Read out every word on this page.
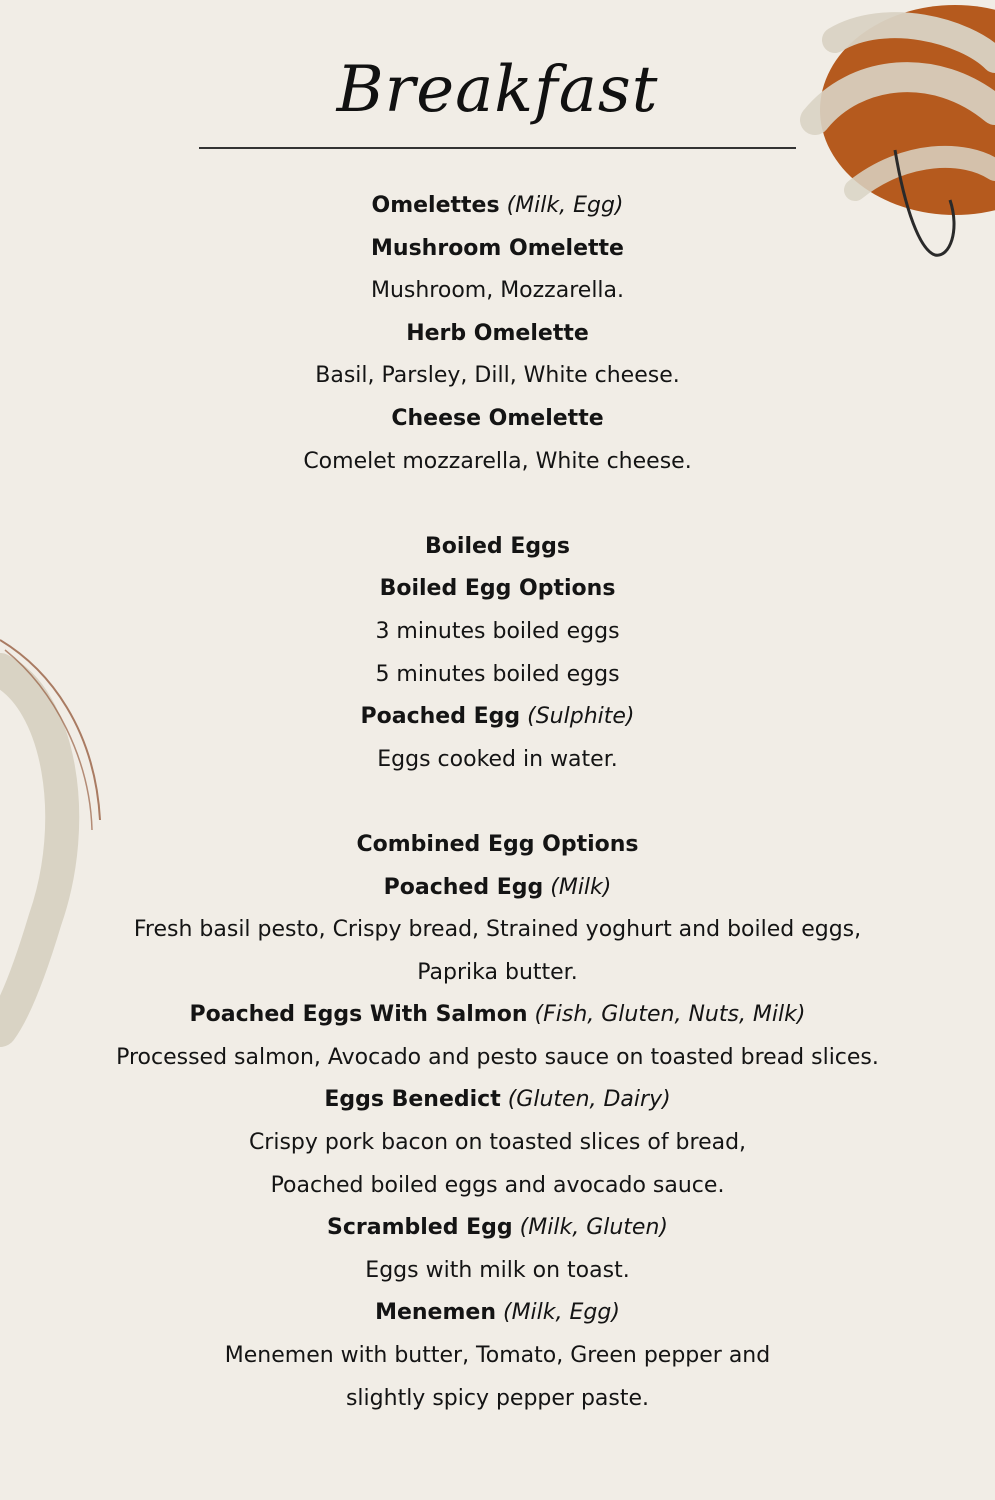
Breakfast
Omelettes (Milk, Egg)
Mushroom Omelette
Mushroom, Mozzarella.
Herb Omelette
Basil, Parsley, Dill, White cheese.
Cheese Omelette
Comelet mozzarella, White cheese.
Boiled Eggs
Boiled Egg Options
3 minutes boiled eggs
5 minutes boiled eggs
Poached Egg (Sulphite)
Eggs cooked in water.
Combined Egg Options
Poached Egg (Milk)
Fresh basil pesto, Crispy bread, Strained yoghurt and boiled eggs,
Paprika butter.
Poached Eggs With Salmon (Fish, Gluten, Nuts, Milk)
Processed salmon, Avocado and pesto sauce on toasted bread slices.
Eggs Benedict (Gluten, Dairy)
Crispy pork bacon on toasted slices of bread,
Poached boiled eggs and avocado sauce.
Scrambled Egg (Milk, Gluten)
Eggs with milk on toast.
Menemen (Milk, Egg)
Menemen with butter, Tomato, Green pepper and
slightly spicy pepper paste.
